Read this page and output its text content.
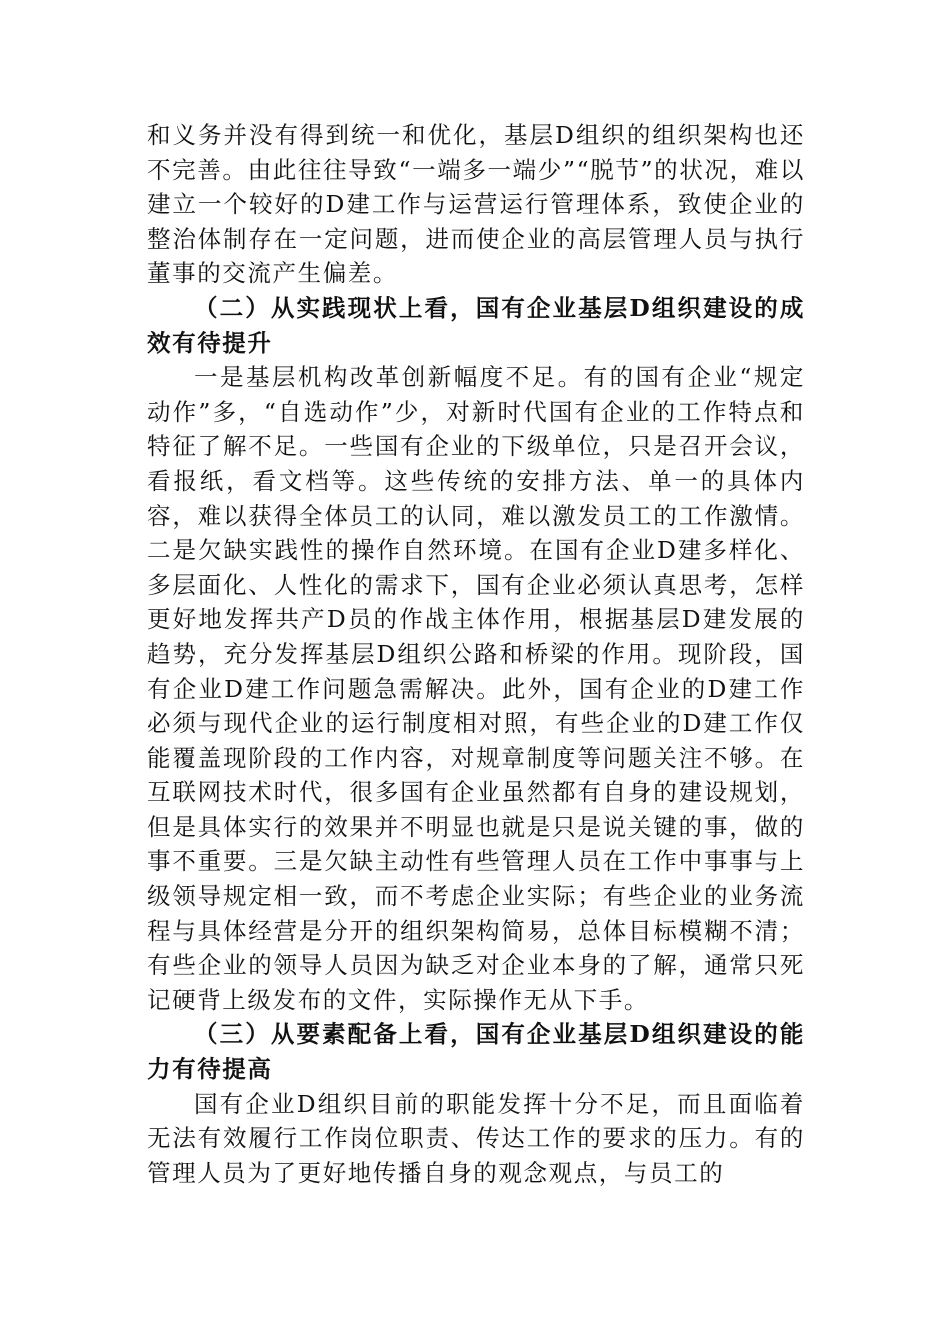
和义务并没有得到统一和优化，基层D组织的组织架构也还不完善。由此往往导致“一端多一端少”“脱节”的状况，难以建立一个较好的D建工作与运营运行管理体系，致使企业的整治体制存在一定问题，进而使企业的高层管理人员与执行董事的交流产生偏差。

（二）从实践现状上看，国有企业基层D组织建设的成效有待提升

一是基层机构改革创新幅度不足。有的国有企业“规定动作”多，“自选动作”少，对新时代国有企业的工作特点和特征了解不足。一些国有企业的下级单位，只是召开会议，看报纸，看文档等。这些传统的安排方法、单一的具体内容，难以获得全体员工的认同，难以激发员工的工作激情。二是欠缺实践性的操作自然环境。在国有企业D建多样化、多层面化、人性化的需求下，国有企业必须认真思考，怎样更好地发挥共产D员的作战主体作用，根据基层D建发展的趋势，充分发挥基层D组织公路和桥梁的作用。现阶段，国有企业D建工作问题急需解决。此外，国有企业的D建工作必须与现代企业的运行制度相对照，有些企业的D建工作仅能覆盖现阶段的工作内容，对规章制度等问题关注不够。在互联网技术时代，很多国有企业虽然都有自身的建设规划，但是具体实行的效果并不明显也就是只是说关键的事，做的事不重要。三是欠缺主动性有些管理人员在工作中事事与上级领导规定相一致，而不考虑企业实际；有些企业的业务流程与具体经营是分开的组织架构简易，总体目标模糊不清；有些企业的领导人员因为缺乏对企业本身的了解，通常只死记硬背上级发布的文件，实际操作无从下手。

（三）从要素配备上看，国有企业基层D组织建设的能力有待提高

国有企业D组织目前的职能发挥十分不足，而且面临着无法有效履行工作岗位职责、传达工作的要求的压力。有的管理人员为了更好地传播自身的观念观点，与员工的
